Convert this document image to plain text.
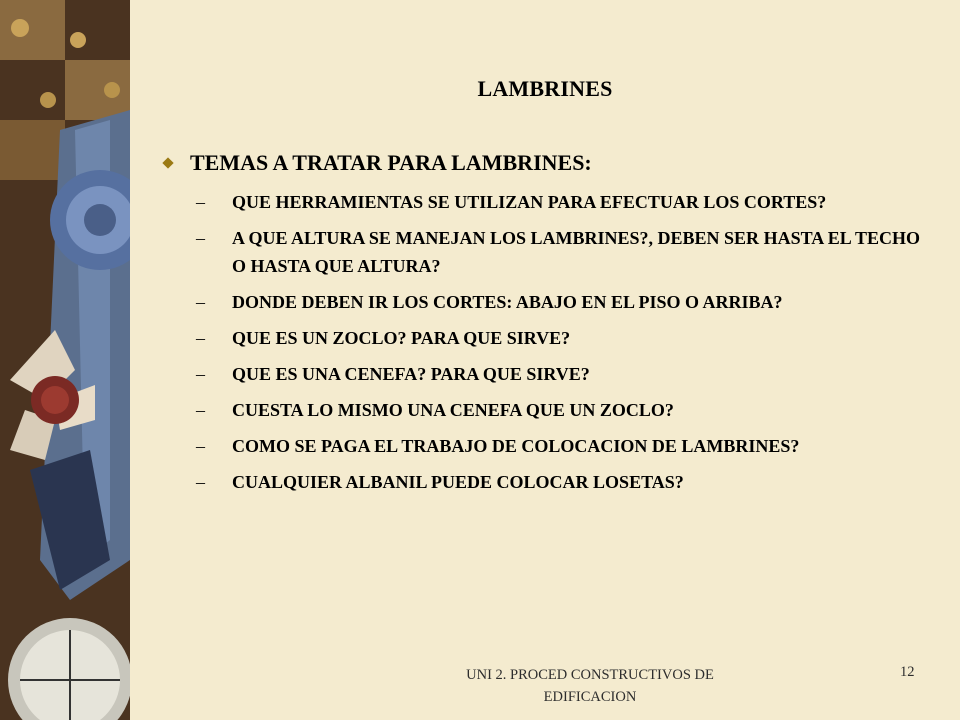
LAMBRINES
TEMAS A TRATAR PARA LAMBRINES:
– QUE HERRAMIENTAS SE UTILIZAN PARA EFECTUAR LOS CORTES?
– A QUE ALTURA SE MANEJAN LOS LAMBRINES?, DEBEN SER HASTA EL TECHO O HASTA QUE ALTURA?
– DONDE DEBEN IR LOS CORTES: ABAJO EN EL PISO O ARRIBA?
– QUE ES UN ZOCLO? PARA QUE SIRVE?
– QUE ES UNA CENEFA? PARA QUE SIRVE?
– CUESTA LO MISMO UNA CENEFA QUE UN ZOCLO?
– COMO SE PAGA EL TRABAJO DE COLOCACION DE LAMBRINES?
– CUALQUIER ALBANIL PUEDE COLOCAR LOSETAS?
UNI 2. PROCED CONSTRUCTIVOS DE
EDIFICACION
12
